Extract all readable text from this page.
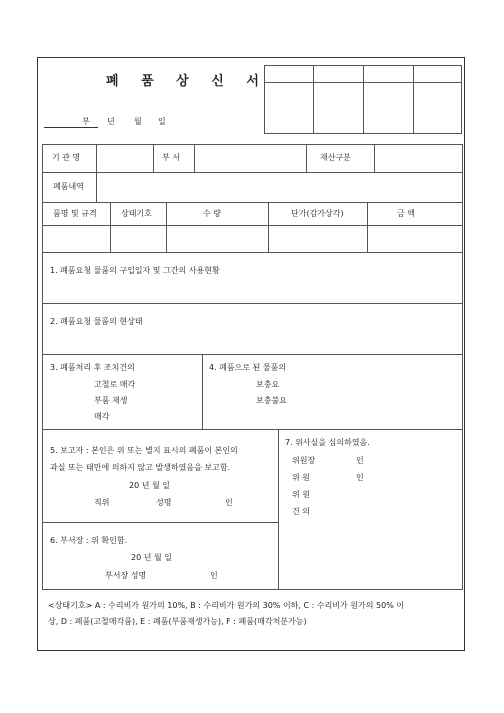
폐 품 상 신 서
부 년 월 일
기 관 명	부 서	재산구분
폐품내역
품명 및 규격	상태기호	수 량	단가(감가상각)	금 액
1. 폐품요청 물품의 구입일자 및 그간의 사용현황
2. 폐품요청 물품의 현상태
3. 폐품처리 후 조치건의
고철로 매각
부품 재생
매각
4. 폐품으로 된 물품의
보충요
보충불요
5. 보고자 : 본인은 위 또는 별지 표시의 폐품이 본인의
과실 또는 태만에 의하지 않고 발생하였음을 보고함.
20 년 월 일
직위	성명	인
7. 위사실을 심의하였음.
위원장	인
위 원	인
위 원
건 의
6. 부서장 : 위 확인함.
20 년 월 일
부서장 성명	인
<상태기호> A : 수리비가 원가의 10%, B : 수리비가 원가의 30% 이하, C : 수리비가 원가의 50% 이
상, D : 폐품(고철매각품), E : 폐품(부품재생가능), F : 폐품(매각처분가능)
